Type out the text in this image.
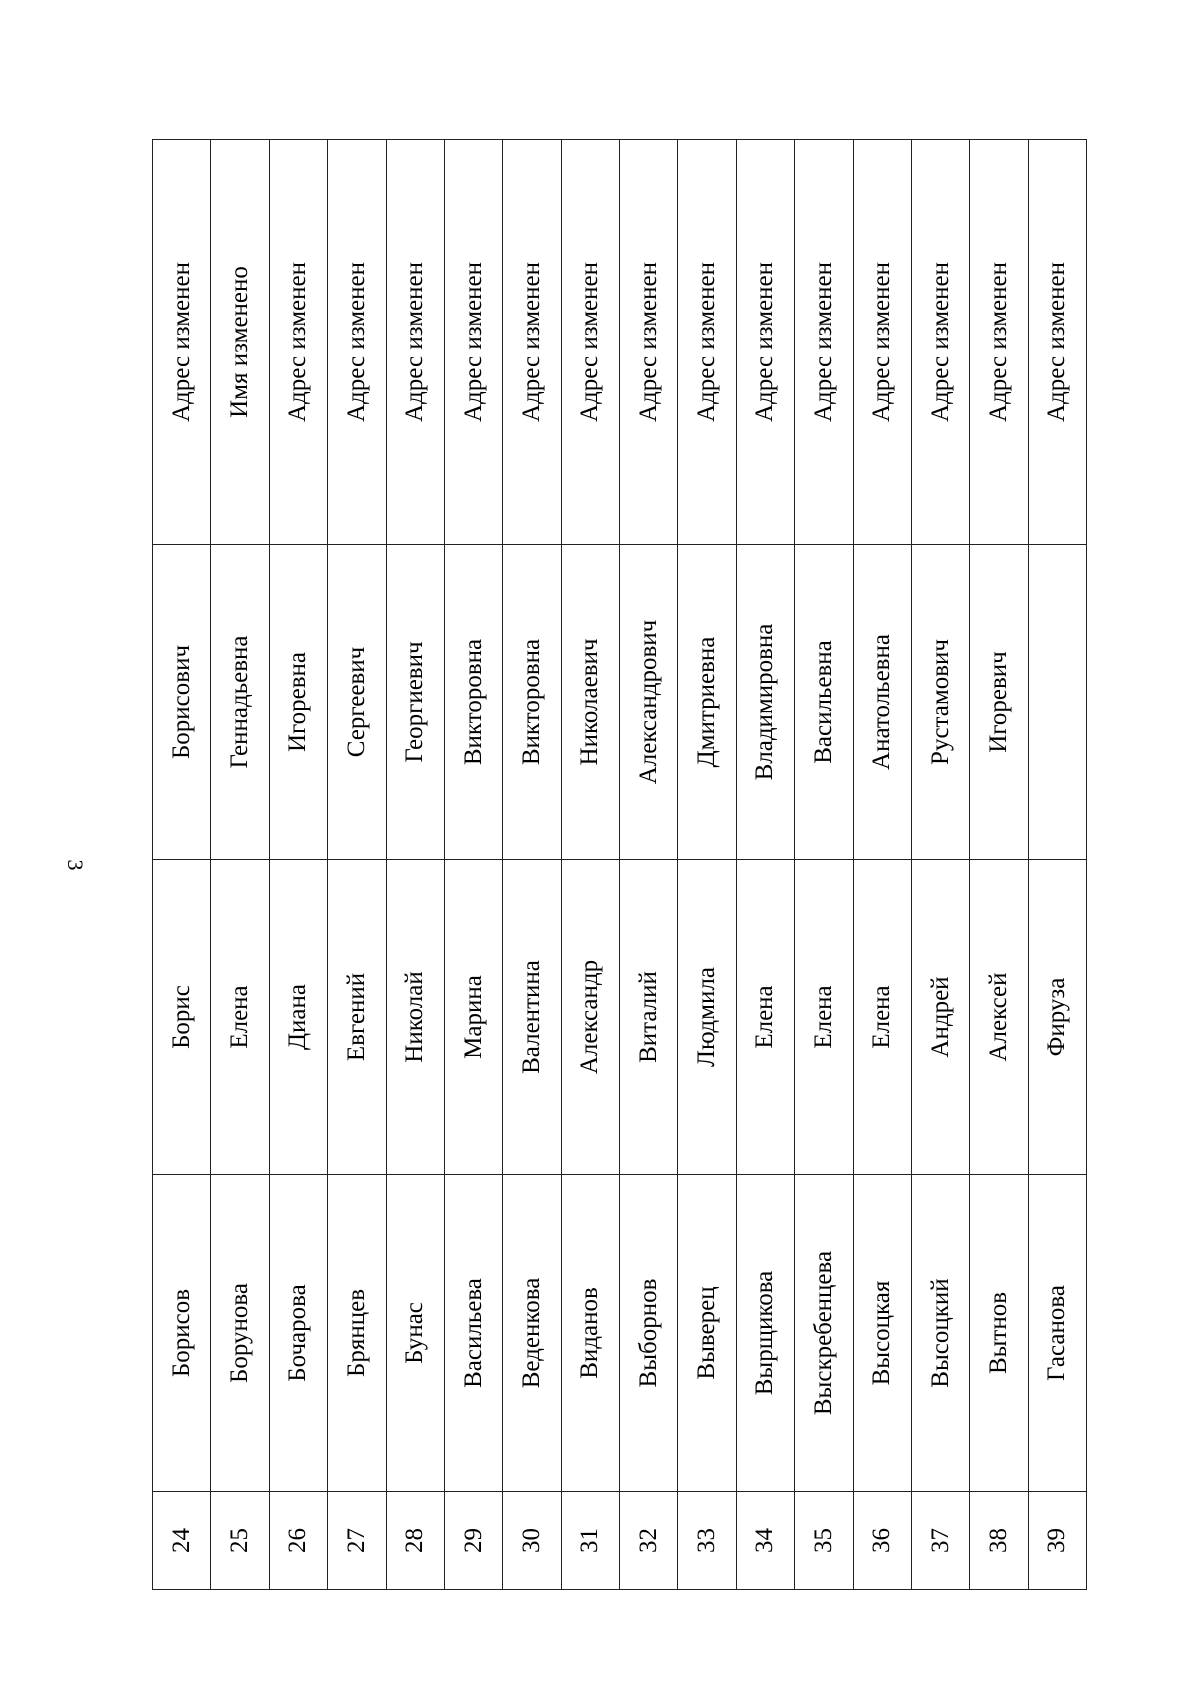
3
24	Борисов	Борис	Борисович	Адрес изменен
25	Борунова	Елена	Геннадьевна	Имя изменено
26	Бочарова	Диана	Игоревна	Адрес изменен
27	Брянцев	Евгений	Сергеевич	Адрес изменен
28	Бунас	Николай	Георгиевич	Адрес изменен
29	Васильева	Марина	Викторовна	Адрес изменен
30	Веденкова	Валентина	Викторовна	Адрес изменен
31	Виданов	Александр	Николаевич	Адрес изменен
32	Выборнов	Виталий	Александрович	Адрес изменен
33	Выверец	Людмила	Дмитриевна	Адрес изменен
34	Вырщикова	Елена	Владимировна	Адрес изменен
35	Выскребенцева	Елена	Васильевна	Адрес изменен
36	Высоцкая	Елена	Анатольевна	Адрес изменен
37	Высоцкий	Андрей	Рустамович	Адрес изменен
38	Вытнов	Алексей	Игоревич	Адрес изменен
39	Гасанова	Фируза		Адрес изменен
